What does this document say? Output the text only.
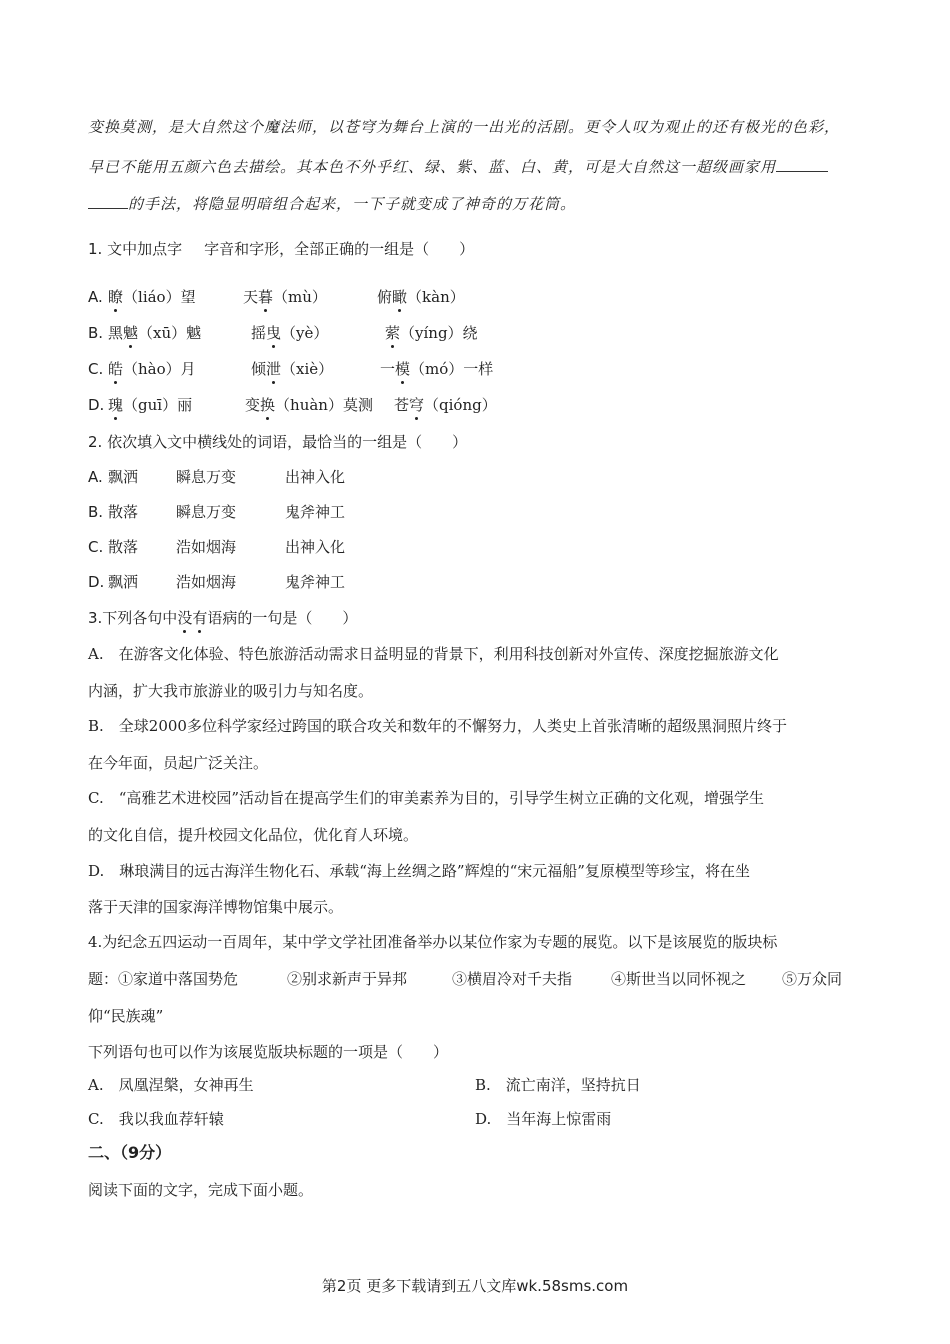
变换莫测，是大自然这个魔法师，以苍穹为舞台上演的一出光的活剧。更令人叹为观止的还有极光的色彩，
早已不能用五颜六色去描绘。其本色不外乎红、绿、紫、蓝、白、黄，可是大自然这一超级画家用
的手法，将隐显明暗组合起来，一下子就变成了神奇的万花筒。
1. 文中加点字 字音和字形，全部正确的一组是（　　）
A. 瞭（liáo）望	天暮（mù）	俯瞰（kàn）
B. 黑魆（xū）魆	摇曳（yè）	萦（yíng）绕
C. 皓（hào）月	倾泄（xiè）	一模（mó）一样
D. 瑰（guī）丽	变换（huàn）莫测 苍穹（qióng）
2. 依次填入文中横线处的词语，最恰当的一组是（　　）
A. 飘洒	瞬息万变	出神入化
B. 散落	瞬息万变	鬼斧神工
C. 散落	浩如烟海	出神入化
D. 飘洒	浩如烟海	鬼斧神工
3.下列各句中没有语病的一句是（　　）
A.　在游客文化体验、特色旅游活动需求日益明显的背景下，利用科技创新对外宣传、深度挖掘旅游文化
内涵，扩大我市旅游业的吸引力与知名度。
B.　全球2000多位科学家经过跨国的联合攻关和数年的不懈努力，人类史上首张清晰的超级黑洞照片终于
在今年面，员起广泛关注。
C.　“高雅艺术进校园”活动旨在提高学生们的审美素养为目的，引导学生树立正确的文化观，增强学生
的文化自信，提升校园文化品位，优化育人环境。
D.　琳琅满目的远古海洋生物化石、承载“海上丝绸之路”辉煌的“宋元福船”复原模型等珍宝，将在坐
落于天津的国家海洋博物馆集中展示。
4.为纪念五四运动一百周年，某中学文学社团准备举办以某位作家为专题的展览。以下是该展览的版块标
题：①家道中落国势危	②别求新声于异邦	③横眉冷对千夫指	④斯世当以同怀视之 ⑤万众同
仰“民族魂”
下列语句也可以作为该展览版块标题的一项是（　　）
A.　凤凰涅槃，女神再生	B.　流亡南洋，坚持抗日
C.　我以我血荐轩辕	D.　当年海上惊雷雨
二、（9分）
阅读下面的文字，完成下面小题。
第2页 更多下载请到五八文库wk.58sms.com
